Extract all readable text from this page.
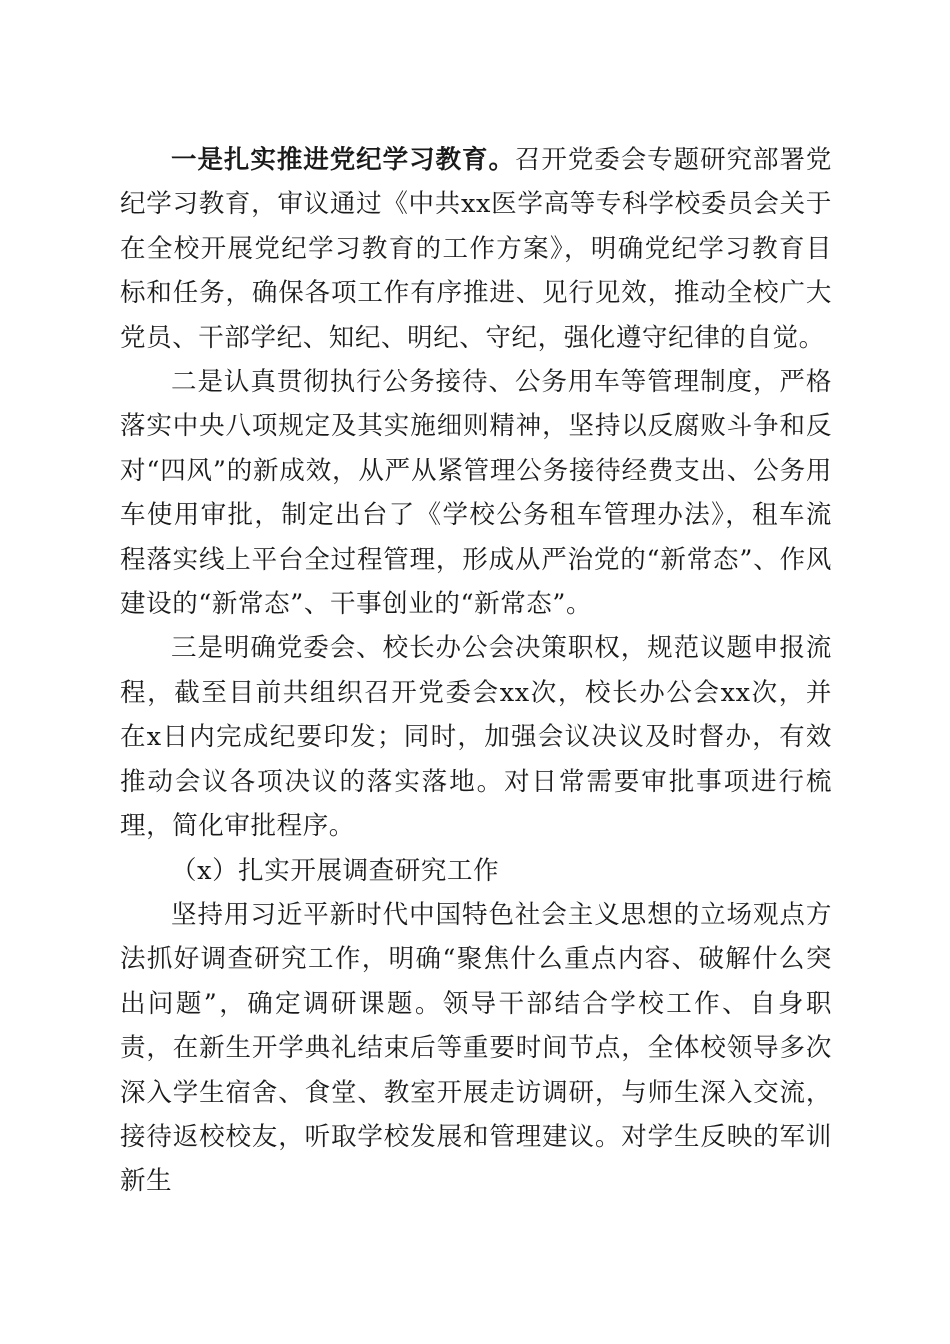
一是扎实推进党纪学习教育。召开党委会专题研究部署党纪学习教育，审议通过《中共xx医学高等专科学校委员会关于在全校开展党纪学习教育的工作方案》，明确党纪学习教育目标和任务，确保各项工作有序推进、见行见效，推动全校广大党员、干部学纪、知纪、明纪、守纪，强化遵守纪律的自觉。

二是认真贯彻执行公务接待、公务用车等管理制度，严格落实中央八项规定及其实施细则精神，坚持以反腐败斗争和反对“四风”的新成效，从严从紧管理公务接待经费支出、公务用车使用审批，制定出台了《学校公务租车管理办法》，租车流程落实线上平台全过程管理，形成从严治党的“新常态”、作风建设的“新常态”、干事创业的“新常态”。

三是明确党委会、校长办公会决策职权，规范议题申报流程，截至目前共组织召开党委会xx次，校长办公会xx次，并在x日内完成纪要印发；同时，加强会议决议及时督办，有效推动会议各项决议的落实落地。对日常需要审批事项进行梳理，简化审批程序。

（x）扎实开展调查研究工作

坚持用习近平新时代中国特色社会主义思想的立场观点方法抓好调查研究工作，明确“聚焦什么重点内容、破解什么突出问题”，确定调研课题。领导干部结合学校工作、自身职责，在新生开学典礼结束后等重要时间节点，全体校领导多次深入学生宿舍、食堂、教室开展走访调研，与师生深入交流，接待返校校友，听取学校发展和管理建议。对学生反映的军训新生
